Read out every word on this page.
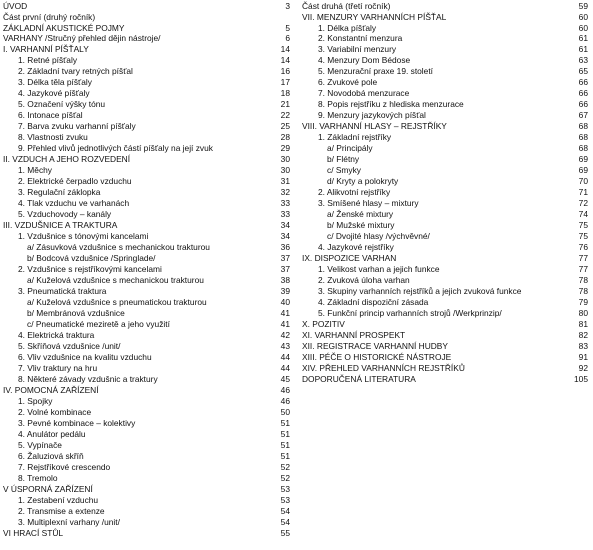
ÚVOD	3
Část první (druhý ročník)
ZÁKLADNÍ AKUSTICKÉ POJMY	5
VARHANY /Stručný přehled dějin nástroje/	6
I. VARHANNÍ PÍŠŤALY	14
1. Retné píšťaly	14
2. Základní tvary retných píšťal	16
3. Délka těla píšťaly	17
4. Jazykové píšťaly	18
5. Označení výšky tónu	21
6. Intonace píšťal	22
7. Barva zvuku varhanní píšťaly	25
8. Vlastnosti zvuku	28
9. Přehled vlivů jednotlivých částí píšťaly na její zvuk	29
II. VZDUCH A JEHO ROZVEDENÍ	30
1. Měchy	30
2. Elektrické čerpadlo vzduchu	31
3. Regulační záklopka	32
4. Tlak vzduchu ve varhanách	33
5. Vzduchovody – kanály	33
III. VZDUŠNICE A TRAKTURA	34
1. Vzdušnice s tónovými kancelami	34
a/ Zásuvková vzdušnice s mechanickou trakturou	36
b/ Bodcová vzdušnice /Springlade/	37
2. Vzdušnice s rejstříkovými kancelami	37
a/ Kuželová vzdušnice s mechanickou trakturou	38
3. Pneumatická traktura	39
a/ Kuželová vzdušnice s pneumatickou trakturou	40
b/ Membránová vzdušnice	41
c/ Pneumatické meziretě a jeho využití	41
4. Elektrická traktura	42
5. Skříňová vzdušnice /unit/	43
6. Vliv vzdušnice na kvalitu vzduchu	44
7. Vliv traktury na hru	44
8. Některé závady vzdušnic a traktury	45
IV. POMOCNÁ ZAŘÍZENÍ	46
1. Spojky	46
2. Volné kombinace	50
3. Pevné kombinace – kolektivy	51
4. Anulátor pedálu	51
5. Vypínače	51
6. Žaluziová skříň	51
7. Rejstříkové crescendo	52
8. Tremolo	52
V ÚSPORNÁ ZAŘÍZENÍ	53
1. Zestabení vzduchu	53
2. Transmise a extenze	54
3. Multiplexní varhany /unit/	54
VI HRACÍ STŮL	55
Část druhá (třetí ročník)	59
VII. MENZURY VARHANNÍCH PÍŠŤAL	60
1. Délka píšťaly	60
2. Konstantní menzura	61
3. Variabilní menzury	61
4. Menzury Dom Bédose	63
5. Menzurační praxe 19. století	65
6. Zvukové pole	66
7. Novodobá menzurace	66
8. Popis rejstříku z hlediska menzurace	66
9. Menzury jazykových píšťal	67
VIII. VARHANNÍ HLASY – REJSTŘÍKY	68
1. Základní rejstříky	68
a/ Principály	68
b/ Flétny	69
c/ Smyky	69
d/ Kryty a polokryty	70
2. Alikvotní rejstříky	71
3. Smíšené hlasy – mixtury	72
a/ Ženské mixtury	74
b/ Mužské mixtury	75
c/ Dvojité hlasy /výchvěvné/	75
4. Jazykové rejstříky	76
IX. DISPOZICE VARHAN	77
1. Velikost varhan a jejich funkce	77
2. Zvuková úloha varhan	78
3. Skupiny varhanních rejstříků a jejich zvuková funkce	78
4. Základní dispoziční zásada	79
5. Funkční princip varhanních strojů /Werkprinzip/	80
X. POZITIV	81
XI. VARHANNÍ PROSPEKT	82
XII. REGISTRACE VARHANNÍ HUDBY	83
XIII. PÉČE O HISTORICKÉ NÁSTROJE	91
XIV. PŘEHLED VARHANNÍCH REJSTŘÍKŮ	92
DOPORUČENÁ LITERATURA	105
